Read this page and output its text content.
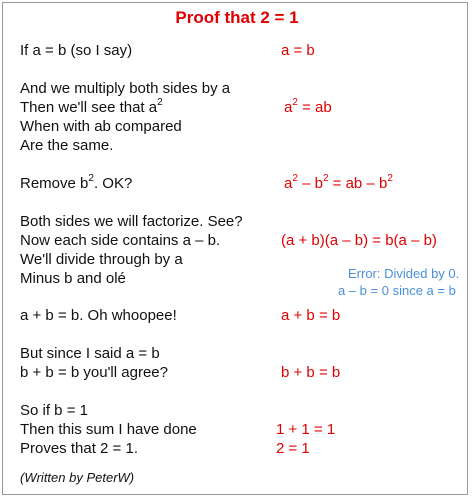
Proof that 2 = 1
If a = b (so I say)
And we multiply both sides by a
Then we'll see that $a^2$
When with ab compared
Are the same.
Remove $b^2$. OK?
Both sides we will factorize. See?
Now each side contains a – b.
We'll divide through by a
Minus b and olé
a + b = b. Oh whoopee!
But since I said a = b
b + b = b you'll agree?
So if b = 1
Then this sum I have done
Proves that 2 = 1.
a = b
$a^2$ = ab
$a^2 - b^2$ = ab – $b^2$
(a + b)(a – b) = b(a – b)
Error: Divided by 0.
a – b = 0 since a = b
a + b = b
b + b = b
1 + 1 = 1
2 = 1
(Written by PeterW)
